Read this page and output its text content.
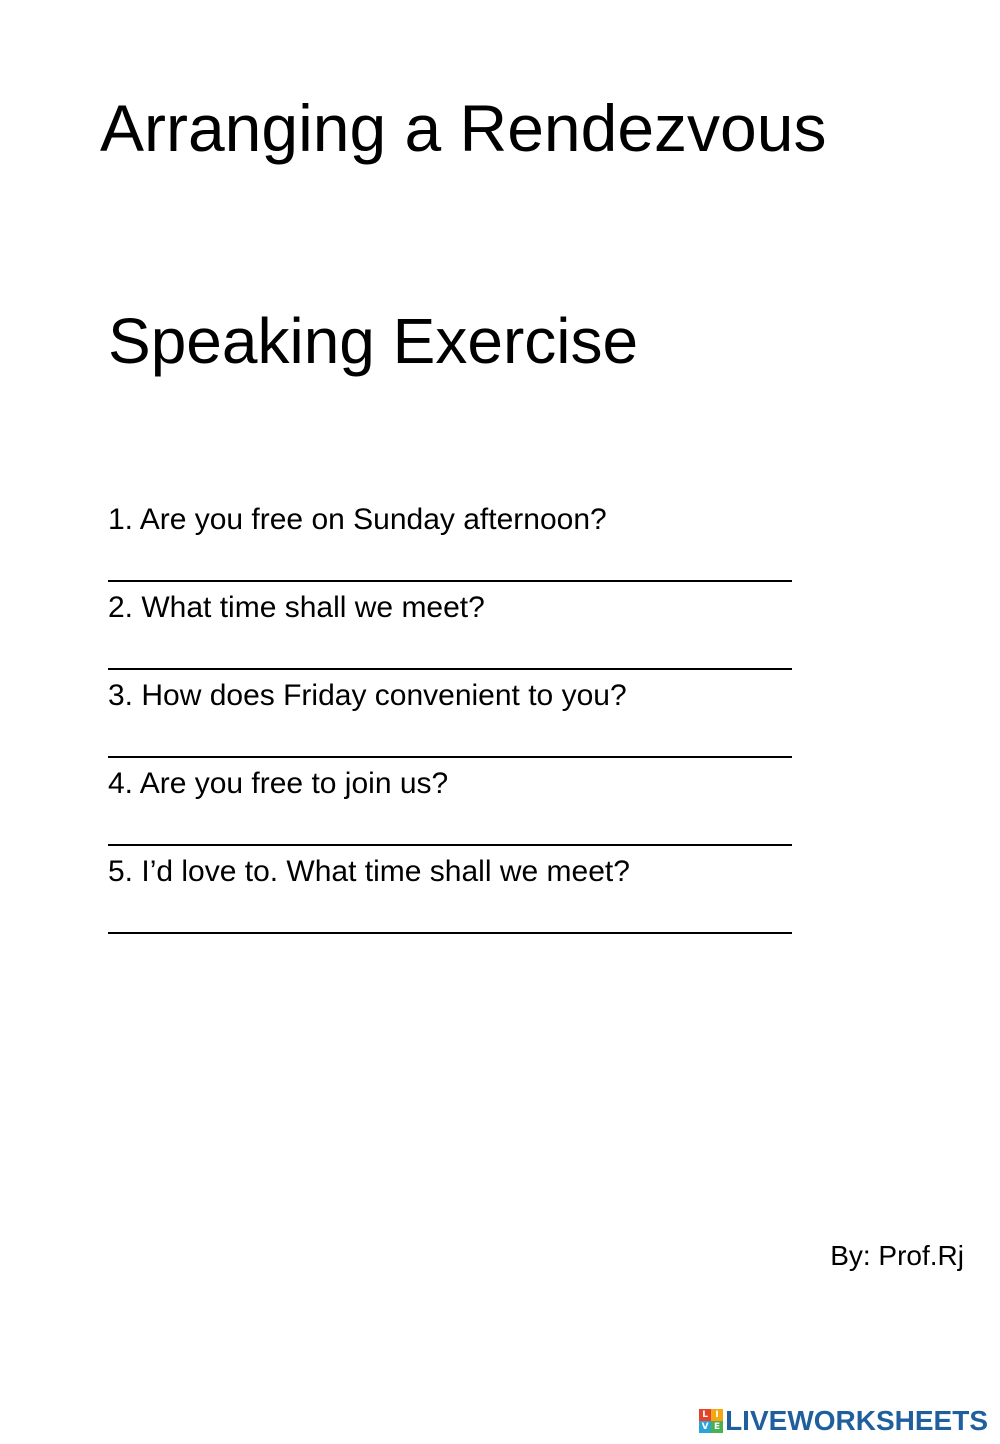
Arranging a Rendezvous
Speaking Exercise
1. Are you free on Sunday afternoon?
2. What time shall we meet?
3. How does Friday convenient to you?
4. Are you free to join us?
5. I’d love to. What time shall we meet?
By: Prof.Rj
L I
V E LIVEWORKSHEETS
